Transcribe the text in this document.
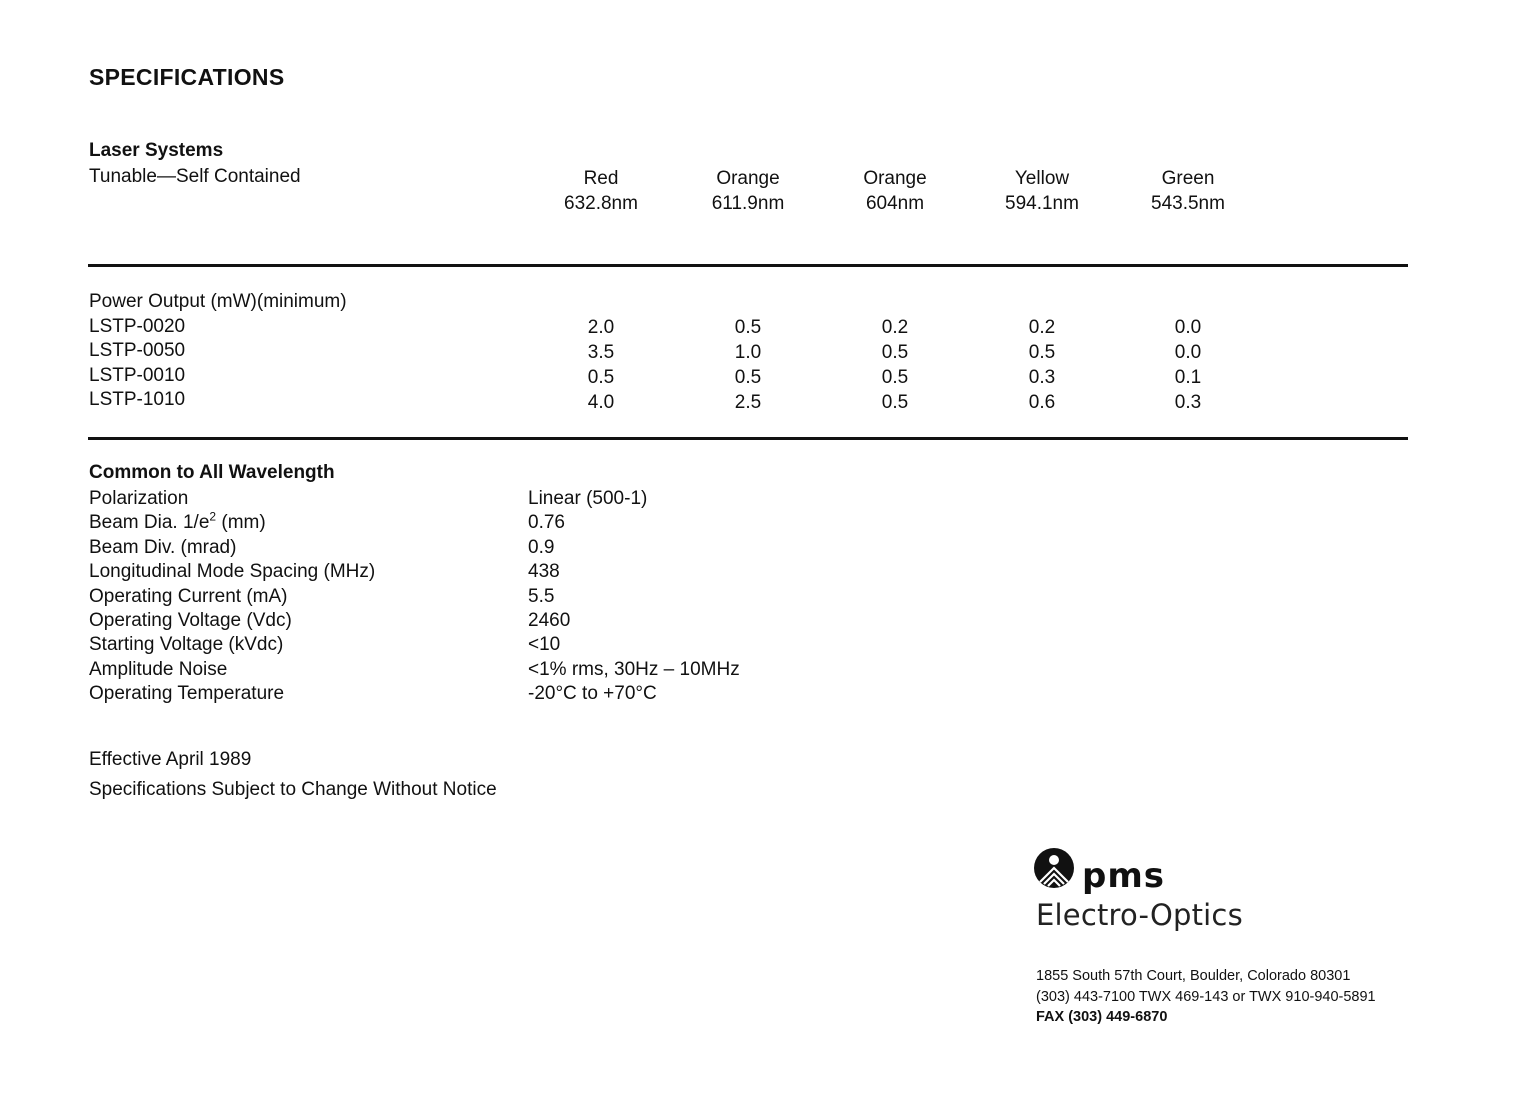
SPECIFICATIONS
Laser Systems
Tunable—Self Contained	Red
632.8nm
Orange
611.9nm
Orange
604nm
Yellow
594.1nm
Green
543.5nm
Power Output (mW)(minimum)
LSTP-0020
LSTP-0050
LSTP-0010
LSTP-1010
2.0
3.5
0.5
4.0
0.5
1.0
0.5
2.5
0.2
0.5
0.5
0.5
0.2
0.5
0.3
0.6
0.0
0.0
0.1
0.3
Common to All Wavelength
Polarization
Beam Dia. $1/e^2$ (mm)
Beam Div. (mrad)
Longitudinal Mode Spacing (MHz)
Operating Current (mA)
Operating Voltage (Vdc)
Starting Voltage (kVdc)
Amplitude Noise
Operating Temperature
Linear (500-1)
0.76
0.9
438
5.5
2460
<10
<1% rms, 30Hz – 10MHz
-20°C to +70°C
Effective April 1989
Specifications Subject to Change Without Notice
pms
Electro-Optics
1855 South 57th Court, Boulder, Colorado 80301
(303) 443-7100 TWX 469-143 or TWX 910-940-5891
FAX (303) 449-6870
